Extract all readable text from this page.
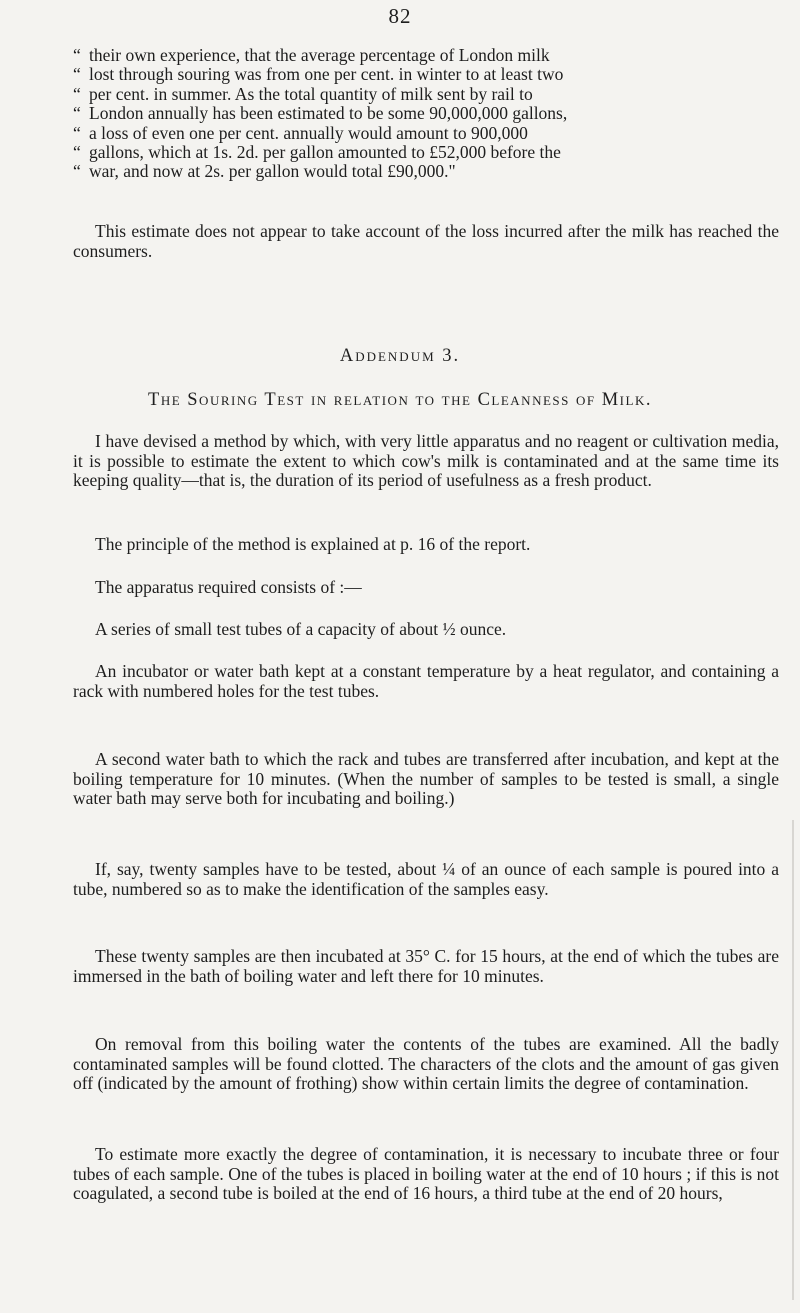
82
“ their own experience, that the average percentage of London milk
“ lost through souring was from one per cent. in winter to at least two
“ per cent. in summer. As the total quantity of milk sent by rail to
“ London annually has been estimated to be some 90,000,000 gallons,
“ a loss of even one per cent. annually would amount to 900,000
“ gallons, which at 1s. 2d. per gallon amounted to £52,000 before the
“ war, and now at 2s. per gallon would total £90,000."

This estimate does not appear to take account of the loss incurred after the milk has reached the consumers.

Addendum 3.
The Souring Test in relation to the Cleanness of Milk.

I have devised a method by which, with very little apparatus and no reagent or cultivation media, it is possible to estimate the extent to which cow's milk is contaminated and at the same time its keeping quality—that is, the duration of its period of usefulness as a fresh product.

The principle of the method is explained at p. 16 of the report.

The apparatus required consists of :—

A series of small test tubes of a capacity of about ½ ounce.

An incubator or water bath kept at a constant temperature by a heat regulator, and containing a rack with numbered holes for the test tubes.

A second water bath to which the rack and tubes are transferred after incubation, and kept at the boiling temperature for 10 minutes. (When the number of samples to be tested is small, a single water bath may serve both for incubating and boiling.)

If, say, twenty samples have to be tested, about ¼ of an ounce of each sample is poured into a tube, numbered so as to make the identification of the samples easy.

These twenty samples are then incubated at 35° C. for 15 hours, at the end of which the tubes are immersed in the bath of boiling water and left there for 10 minutes.

On removal from this boiling water the contents of the tubes are examined. All the badly contaminated samples will be found clotted. The characters of the clots and the amount of gas given off (indicated by the amount of frothing) show within certain limits the degree of contamination.

To estimate more exactly the degree of contamination, it is necessary to incubate three or four tubes of each sample. One of the tubes is placed in boiling water at the end of 10 hours ; if this is not coagulated, a second tube is boiled at the end of 16 hours, a third tube at the end of 20 hours,
